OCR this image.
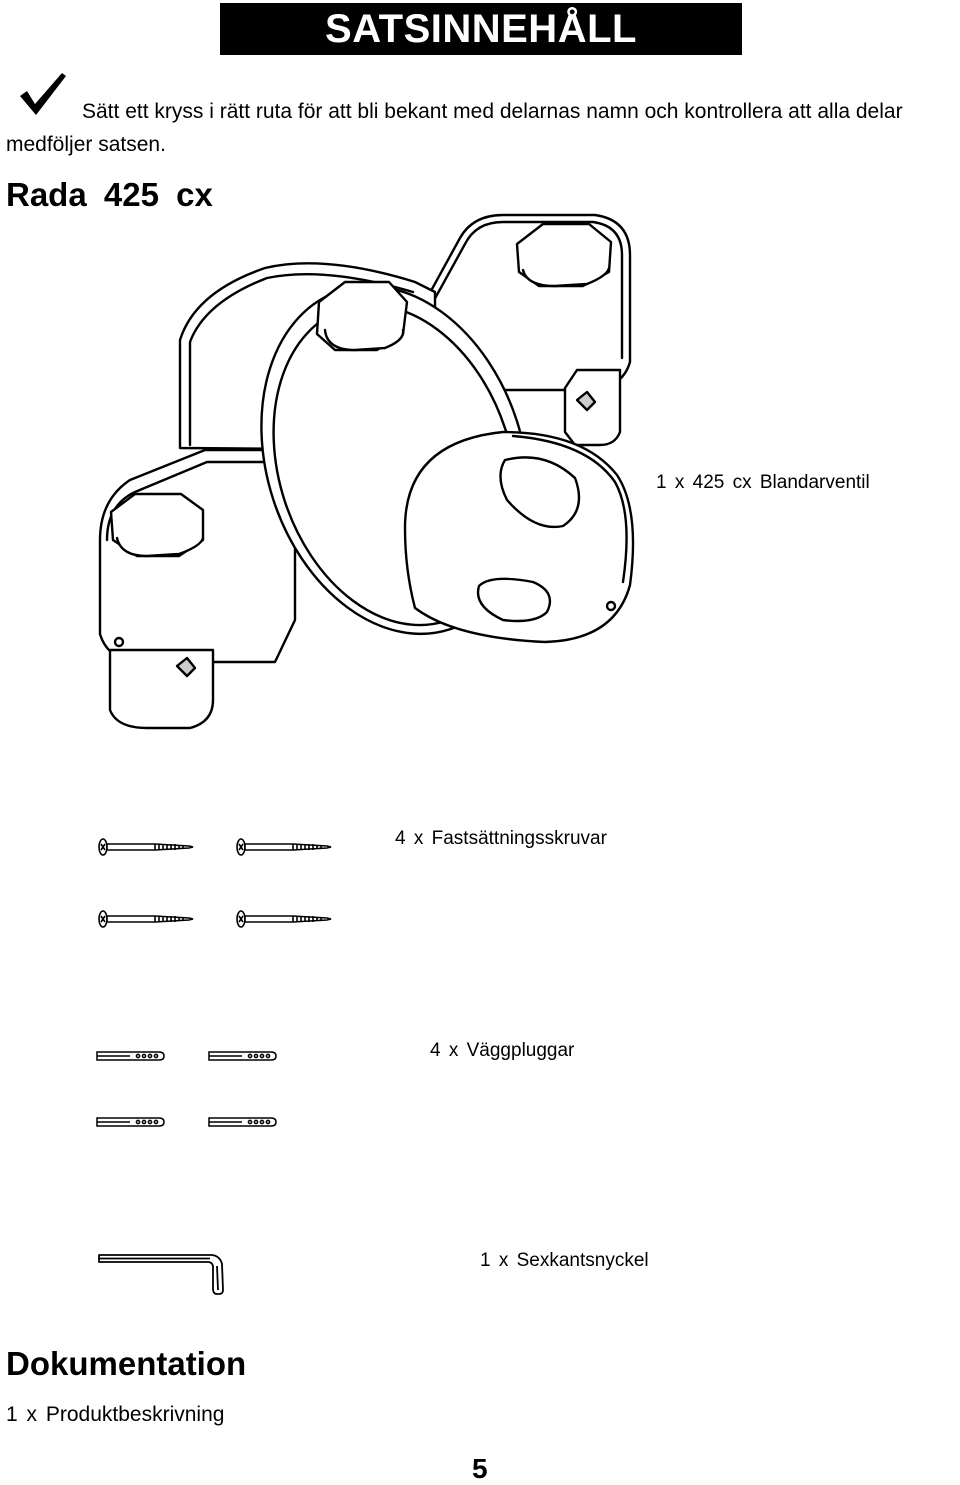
SATSINNEHÅLL
Sätt ett kryss i rätt ruta för att bli bekant med delarnas namn och kontrollera att alla delar medföljer satsen.
Rada 425 cx
1 x 425 cx Blandarventil
4 x Fastsättningsskruvar
4 x Väggpluggar
1 x Sexkantsnyckel
Dokumentation
1 x Produktbeskrivning
5
